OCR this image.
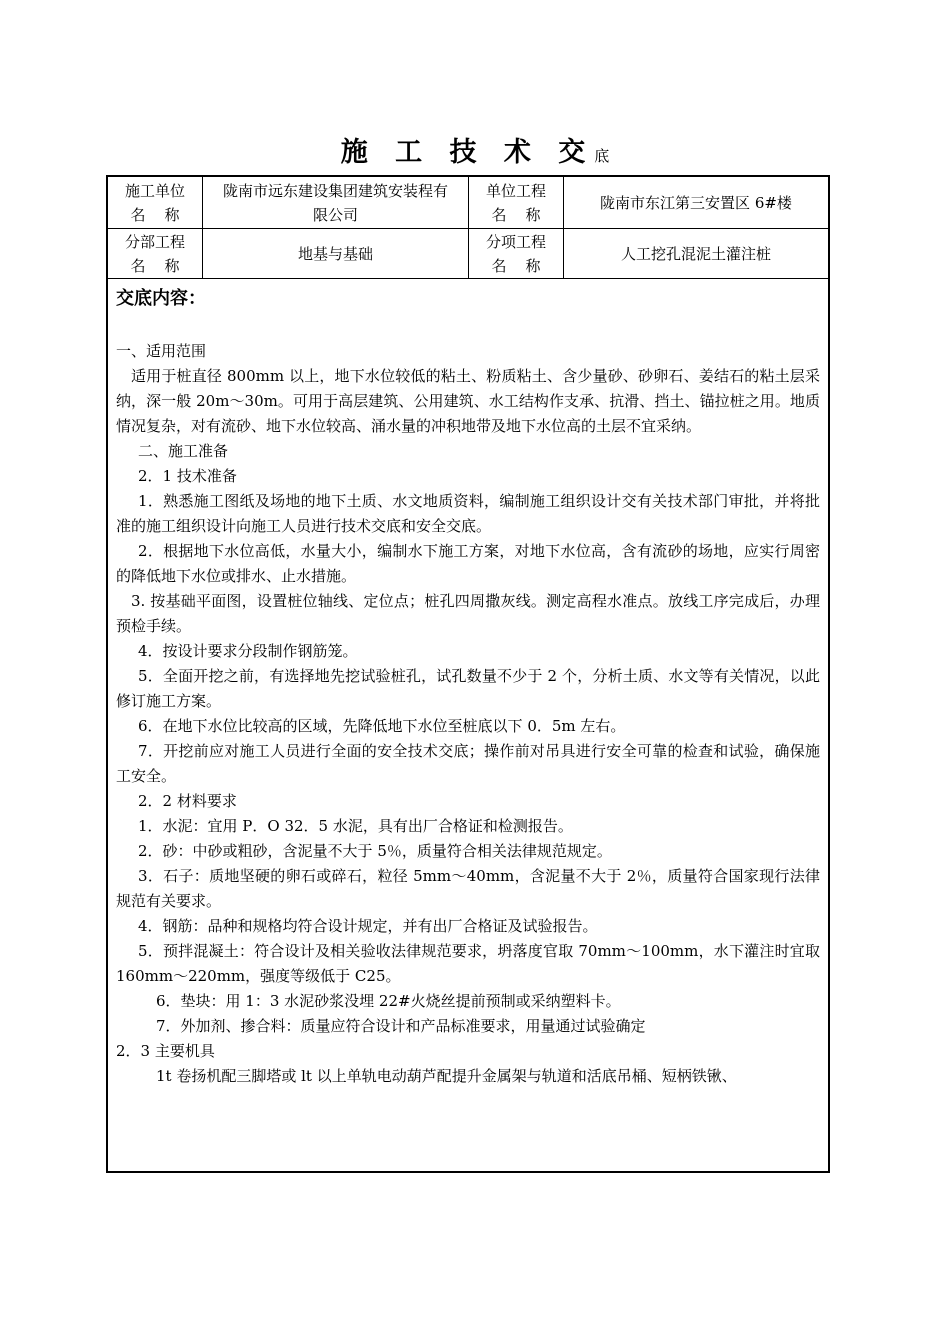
施 工 技 术 交底
施工单位
名    称
陇南市远东建设集团建筑安装程有限公司
单位工程
名    称
陇南市东江第三安置区 6#楼
分部工程
名    称
地基与基础
分项工程
名    称
人工挖孔混泥土灌注桩
交底内容：

一、适用范围

适用于桩直径 800mm 以上，地下水位较低的粘土、粉质粘土、含少量砂、砂卵石、姜结石的粘土层采纳，深一般 20m～30m。可用于高层建筑、公用建筑、水工结构作支承、抗滑、挡土、锚拉桩之用。地质情况复杂，对有流砂、地下水位较高、涌水量的冲积地带及地下水位高的土层不宜采纳。

二、施工准备

2．1 技术准备

1．熟悉施工图纸及场地的地下土质、水文地质资料，编制施工组织设计交有关技术部门审批，并将批准的施工组织设计向施工人员进行技术交底和安全交底。

2．根据地下水位高低，水量大小，编制水下施工方案，对地下水位高，含有流砂的场地，应实行周密的降低地下水位或排水、止水措施。

3. 按基础平面图，设置桩位轴线、定位点；桩孔四周撒灰线。测定高程水准点。放线工序完成后，办理预检手续。

4．按设计要求分段制作钢筋笼。

5．全面开挖之前，有选择地先挖试验桩孔，试孔数量不少于 2 个，分析土质、水文等有关情况，以此修订施工方案。

6．在地下水位比较高的区域，先降低地下水位至桩底以下 0．5m 左右。

7．开挖前应对施工人员进行全面的安全技术交底；操作前对吊具进行安全可靠的检查和试验，确保施工安全。

2．2 材料要求

1．水泥：宜用 P．O 32．5 水泥，具有出厂合格证和检测报告。

2．砂：中砂或粗砂，含泥量不大于 5％，质量符合相关法律规范规定。

3．石子：质地坚硬的卵石或碎石，粒径 5mm～40mm，含泥量不大于 2％，质量符合国家现行法律规范有关要求。

4．钢筋：品种和规格均符合设计规定，并有出厂合格证及试验报告。

5．预拌混凝土：符合设计及相关验收法律规范要求，坍落度官取 70mm～100mm，水下灌注时宜取 160mm～220mm，强度等级低于 C25。

6．垫块：用 1：3 水泥砂浆没埋 22#火烧丝提前预制或采纳塑料卡。

7．外加剂、掺合料：质量应符合设计和产品标准要求，用量通过试验确定

2．3 主要机具

1t 卷扬机配三脚塔或 lt 以上单轨电动葫芦配提升金属架与轨道和活底吊桶、短柄铁锹、
